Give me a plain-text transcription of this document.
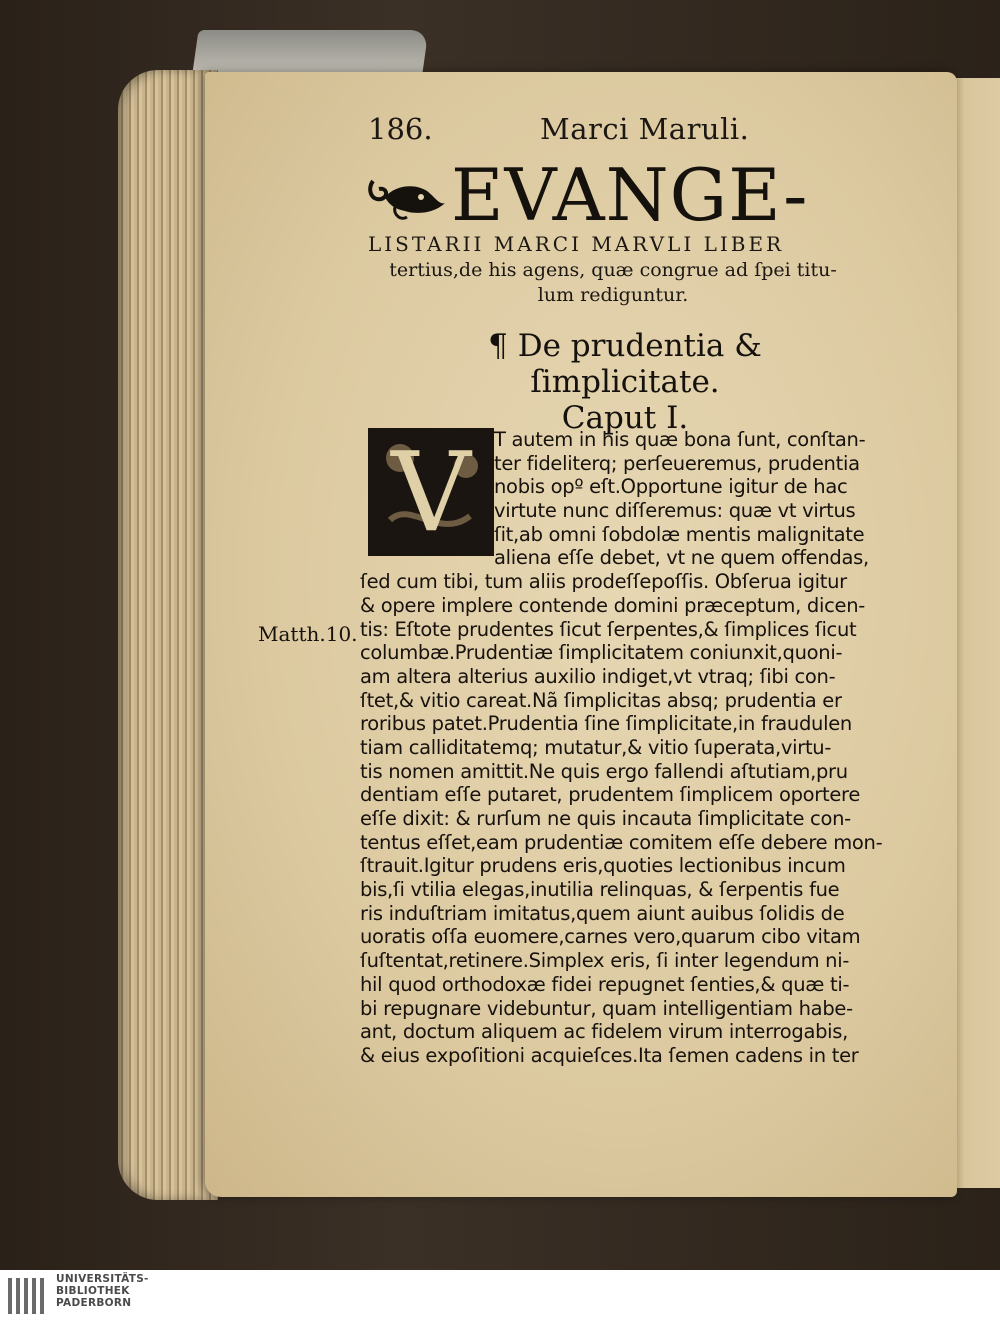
186.	Marci Maruli.
EVANGE-
LISTARII MARCI MARVLI LIBER
tertius,de his agens, quæ congrue ad ſpei titu-
lum rediguntur.
¶ De prudentia & ſimplicitate.
Caput I.
V
Matth.10.
T autem in his quæ bona ſunt, conſtan-
ter fideliterq; perſeueremus, prudentia
nobis opº eſt.Opportune igitur de hac
virtute nunc diſſeremus: quæ vt virtus
ſit,ab omni ſobdolæ mentis malignitate
aliena eſſe debet, vt ne quem offendas,
ſed cum tibi, tum aliis prodeſſepoſſis. Obſerua igitur
& opere implere contende domini præceptum, dicen-
tis: Eſtote prudentes ſicut ſerpentes,& ſimplices ſicut
columbæ.Prudentiæ ſimplicitatem coniunxit,quoni-
am altera alterius auxilio indiget,vt vtraq; ſibi con-
ſtet,& vitio careat.Nã ſimplicitas absq; prudentia er
roribus patet.Prudentia ſine ſimplicitate,in fraudulen
tiam calliditatemq; mutatur,& vitio ſuperata,virtu-
tis nomen amittit.Ne quis ergo fallendi aſtutiam,pru
dentiam eſſe putaret, prudentem ſimplicem oportere
eſſe dixit: & rurſum ne quis incauta ſimplicitate con-
tentus eſſet,eam prudentiæ comitem eſſe debere mon-
ſtrauit.Igitur prudens eris,quoties lectionibus incum
bis,ſi vtilia elegas,inutilia relinquas, & ſerpentis fue
ris induſtriam imitatus,quem aiunt auibus ſolidis de
uoratis oſſa euomere,carnes vero,quarum cibo vitam
ſuſtentat,retinere.Simplex eris, ſi inter legendum ni-
hil quod orthodoxæ fidei repugnet ſenties,& quæ ti-
bi repugnare videbuntur, quam intelligentiam habe-
ant, doctum aliquem ac fidelem virum interrogabis,
& eius expoſitioni acquieſces.Ita ſemen cadens in ter
UNIVERSITÄTS-
BIBLIOTHEK
PADERBORN
